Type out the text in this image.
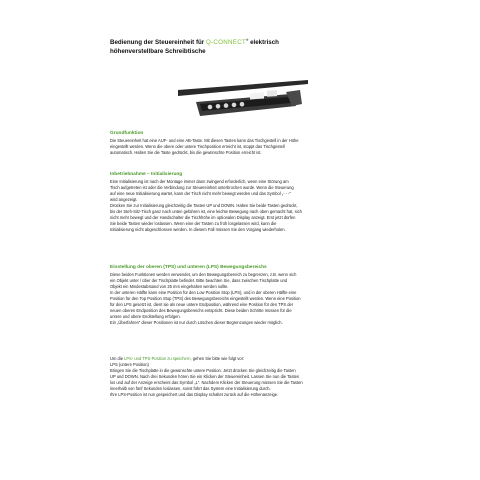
Bedienung der Steuereinheit für Q-CONNECT® elektrisch
höhenverstellbare Schreibtische
Grundfunktion
Die Steuereinheit hat eine AUF- und eine AB-Taste. Mit diesen Tasten kann das Tischgestell in der Höhe
eingestellt werden. Wenn die obere oder untere Tischposition erreicht ist, stoppt das Tischgestell
automatisch. Halten Sie die Taste gedrückt, bis die gewünschte Position erreicht ist.
Inbetriebnahme – Initialisierung
Eine Initialisierung ist nach der Montage immer dann zwingend erforderlich, wenn eine Störung am
Tisch aufgetreten ist oder die Verbindung zur Steuereinheit unterbrochen wurde. Wenn die Steuerung
auf eine neue Initialisierung wartet, kann der Tisch nicht mehr bewegt werden und das Symbol „- - -“
wird angezeigt.
Drücken Sie zur Initialisierung gleichzeitig die Tasten UP und DOWN. Halten Sie beide Tasten gedrückt,
bis der Steh-Sitz-Tisch ganz nach unten gefahren ist, eine leichte Bewegung nach oben gemacht hat, sich
nicht mehr bewegt und der Handschalter die Tischhöhe im optionalen Display anzeigt. Erst jetzt dürfen
Sie beide Tasten wieder loslassen. Wenn eine der Tasten zu früh losgelassen wird, kann die
Initialisierung nicht abgeschlossen werden. In diesem Fall müssen Sie den Vorgang wiederholen.
Einstellung der oberen (TPS) und unteren (LPS) Bewegungsbereichs
Diese beiden Funktionen werden verwendet, um den Bewegungsbereich zu begrenzen, z.B. wenn sich
ein Objekt unter / über der Tischplatte befindet. Bitte beachten Sie, dass zwischen Tischplatte und
Objekt ein Mindestabstand von 25 mm eingehalten werden sollte.
In der unteren Hälfte kann eine Position für den Low Position Stop (LPS), und in der oberen Hälfte eine
Position für den Top Position Stop (TPS) des Bewegungsbereichs eingestellt werden. Wenn eine Position
für den LPS gesetzt ist, dient sie als neue untere Endposition, während eine Position für den TPS der
neuen oberen Endposition des Bewegungsbereichs entspricht. Diese beiden Schritte müssen für die
untere und obere Endstellung erfolgen.
Ein „Überfahren“ dieser Positionen ist nur durch Löschen dieser Begrenzungen wieder möglich.
Um die LPS- und TPS-Position zu speichern, gehen Sie bitte wie folgt vor:
LPS (untere Position)
Bringen Sie die Tischplatte in die gewünschte untere Position. Jetzt drücken Sie gleichzeitig die Tasten
UP und DOWN. Nach drei Sekunden hören Sie ein Klicken der Steuereinheit. Lassen Sie nun die Tasten
los und auf der Anzeige erscheint das Symbol „L“. Nachdem Klicken der Steuerung müssen Sie die Tasten
innerhalb von fünf Sekunden loslassen, sonst führt das System eine Initialisierung durch.
Ihre LPS-Position ist nun gespeichert und das Display schaltet zurück auf die Höhenanzeige.
